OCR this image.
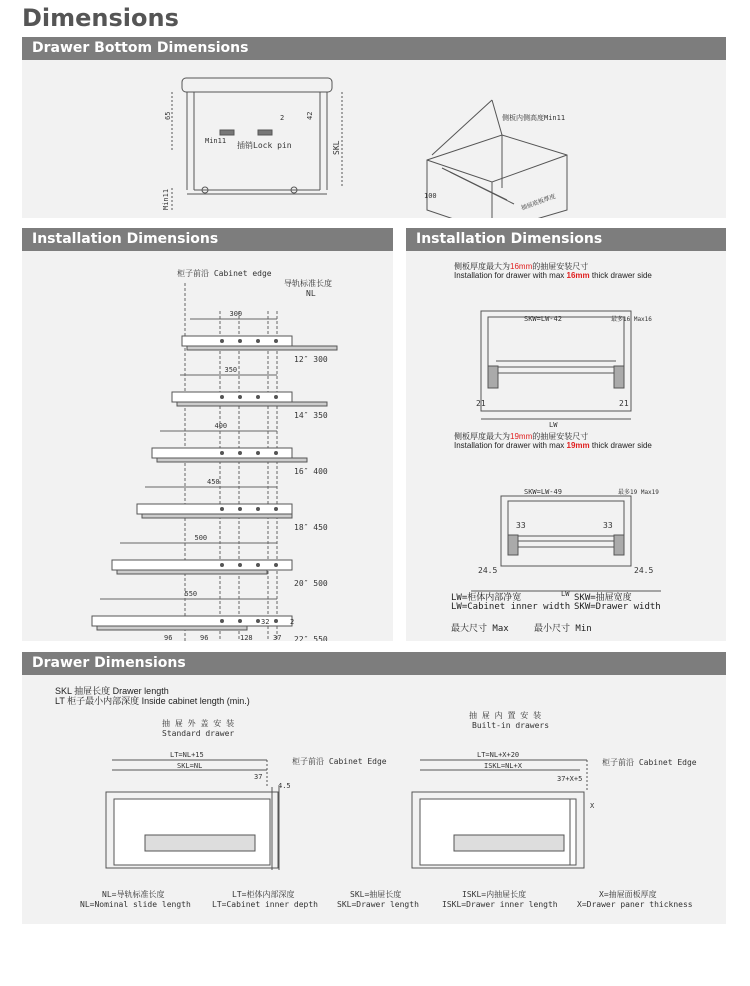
Dimensions
Drawer Bottom Dimensions
插销Lock pin
Min11
65	2	42
SKL
Min11
侧板内侧高度Min11
抽屉底板厚度
100
Installation Dimensions
柜子前沿 Cabinet edge
导轨标准长度
NL
300
12″ 300
350
14″ 350
400
16″ 400
450
18″ 450
500
20″ 500
550
22″ 550
96	96	128	37
32	2
Installation Dimensions
侧板厚度最大为16mm的抽屉安装尺寸
Installation for drawer with max 16mm thick drawer side
SKW=LW-42	最多16 Max16
21	21
LW
SKW=LW-49	最多19 Max19
33	33
24.5	24.5
LW
侧板厚度最大为19mm的抽屉安装尺寸
Installation for drawer with max 19mm thick drawer side
LW=柜体内部净宽	SKW=抽屉宽度
LW=Cabinet inner width SKW=Drawer width
最大尺寸 Max	最小尺寸 Min
Drawer Dimensions
SKL 抽屉长度 Drawer length
LT 柜子最小内部深度 Inside cabinet length (min.)
抽 屉 外 盖 安 装
Standard drawer
抽 屉 内 置 安 装
Built-in drawers
LT=NL+15
SKL=NL
37
4.5
柜子前沿 Cabinet Edge
LT=NL+X+20
ISKL=NL+X
37+X+5
柜子前沿 Cabinet Edge
X
NL=导轨标准长度
NL=Nominal slide length
LT=柜体内部深度
LT=Cabinet inner depth
SKL=抽屉长度
SKL=Drawer length
ISKL=内抽屉长度
ISKL=Drawer inner length
X=抽屉面板厚度
X=Drawer paner thickness
